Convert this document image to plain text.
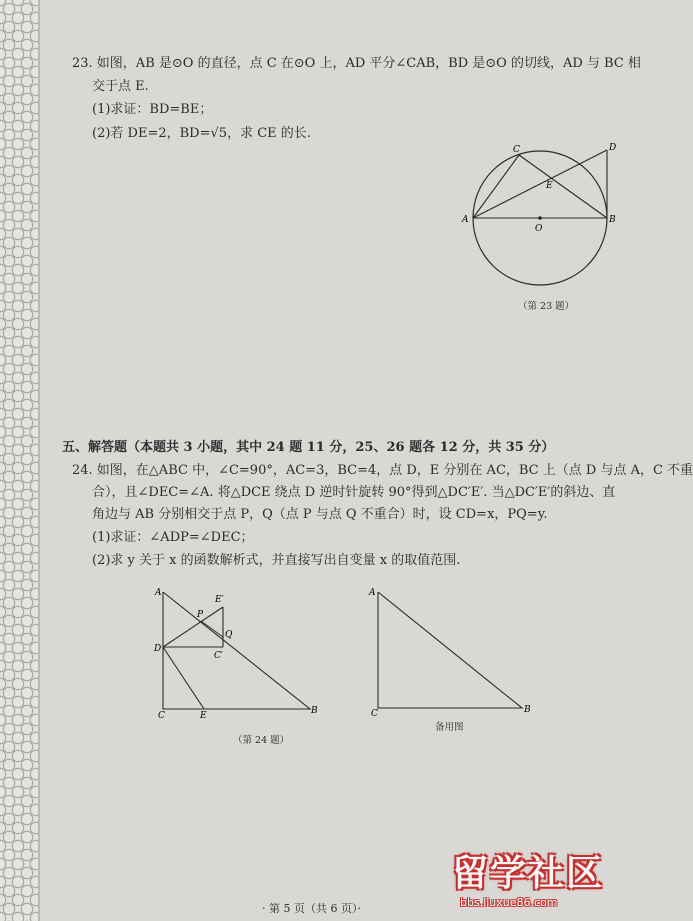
23. 如图，AB 是⊙O 的直径，点 C 在⊙O 上，AD 平分∠CAB，BD 是⊙O 的切线，AD 与 BC 相
交于点 E.
(1)求证：BD=BE；
(2)若 DE=2，BD=√5，求 CE 的长.
A	B
C	D
E
O
（第 23 题）
五、解答题（本题共 3 小题，其中 24 题 11 分，25、26 题各 12 分，共 35 分）
24. 如图，在△ABC 中，∠C=90°，AC=3，BC=4，点 D，E 分别在 AC，BC 上（点 D 与点 A，C 不重
合），且∠DEC=∠A. 将△DCE 绕点 D 逆时针旋转 90°得到△DC′E′. 当△DC′E′的斜边、直
角边与 AB 分别相交于点 P，Q（点 P 与点 Q 不重合）时，设 CD=x，PQ=y.
(1)求证：∠ADP=∠DEC；
(2)求 y 关于 x 的函数解析式，并直接写出自变量 x 的取值范围.
A
C	B
D
E
P
Q
E′
C′
（第 24 题）
A
C	B
备用图
· 第 5 页（共 6 页）·
留学社区
bbs.liuxue86.com
